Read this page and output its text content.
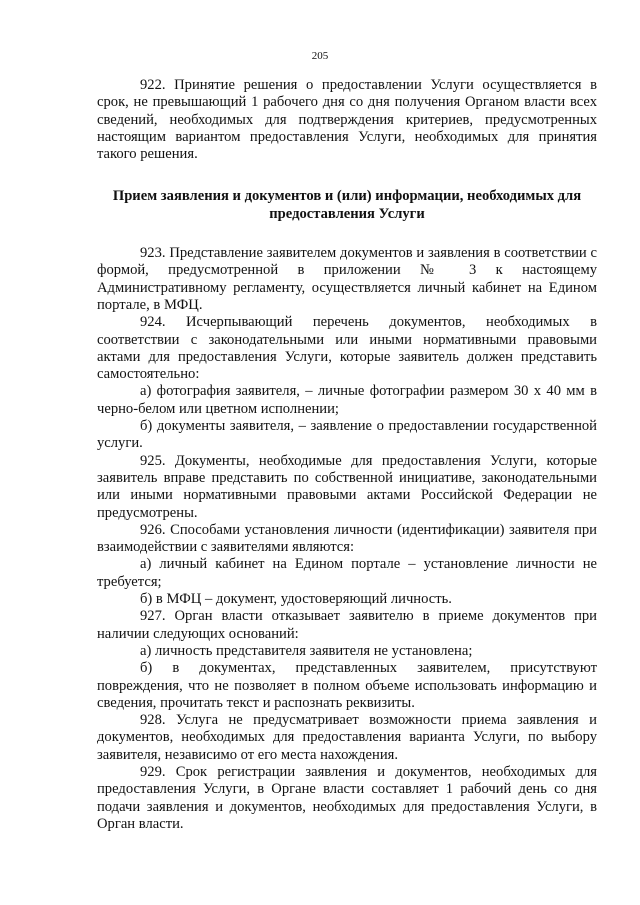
205

922. Принятие решения о предоставлении Услуги осуществляется в срок, не превышающий 1 рабочего дня со дня получения Органом власти всех сведений, необходимых для подтверждения критериев, предусмотренных настоящим вариантом предоставления Услуги, необходимых для принятия такого решения.

Прием заявления и документов и (или) информации, необходимых для предоставления Услуги

923. Представление заявителем документов и заявления в соответствии с формой, предусмотренной в приложении № 3 к настоящему Административному регламенту, осуществляется личный кабинет на Едином портале, в МФЦ.

924. Исчерпывающий перечень документов, необходимых в соответствии с законодательными или иными нормативными правовыми актами для предоставления Услуги, которые заявитель должен представить самостоятельно:

а) фотография заявителя, – личные фотографии размером 30 х 40 мм в черно-белом или цветном исполнении;

б) документы заявителя, – заявление о предоставлении государственной услуги.

925. Документы, необходимые для предоставления Услуги, которые заявитель вправе представить по собственной инициативе, законодательными или иными нормативными правовыми актами Российской Федерации не предусмотрены.

926. Способами установления личности (идентификации) заявителя при взаимодействии с заявителями являются:

а) личный кабинет на Едином портале – установление личности не требуется;

б) в МФЦ – документ, удостоверяющий личность.

927. Орган власти отказывает заявителю в приеме документов при наличии следующих оснований:

а) личность представителя заявителя не установлена;

б) в документах, представленных заявителем, присутствуют повреждения, что не позволяет в полном объеме использовать информацию и сведения, прочитать текст и распознать реквизиты.

928. Услуга не предусматривает возможности приема заявления и документов, необходимых для предоставления варианта Услуги, по выбору заявителя, независимо от его места нахождения.

929. Срок регистрации заявления и документов, необходимых для предоставления Услуги, в Органе власти составляет 1 рабочий день со дня подачи заявления и документов, необходимых для предоставления Услуги, в Орган власти.
